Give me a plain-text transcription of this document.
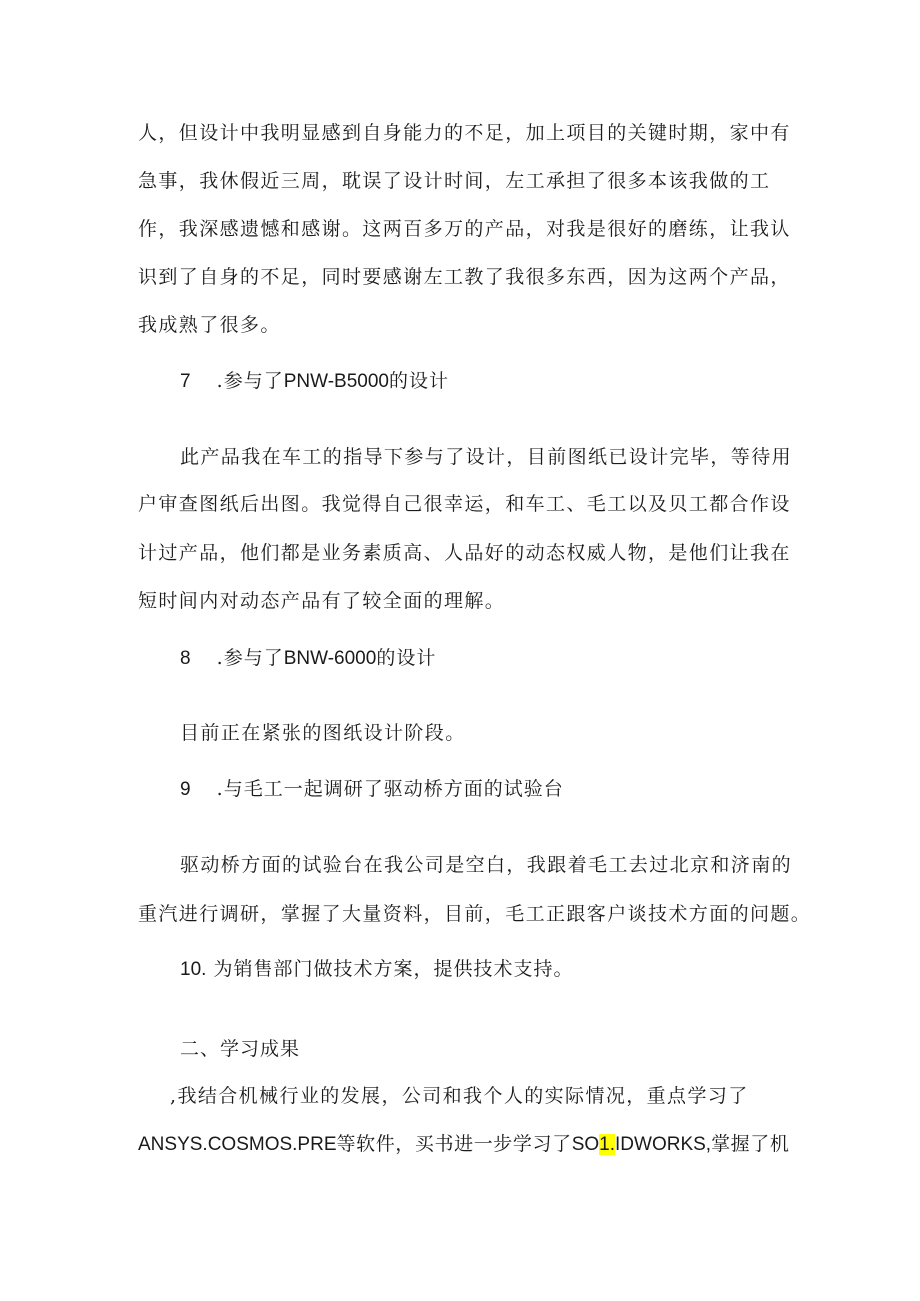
人，但设计中我明显感到自身能力的不足，加上项目的关键时期，家中有
急事，我休假近三周，耽误了设计时间，左工承担了很多本该我做的工
作，我深感遗憾和感谢。这两百多万的产品，对我是很好的磨练，让我认
识到了自身的不足，同时要感谢左工教了我很多东西，因为这两个产品，
我成熟了很多。
7 .参与了PNW-B5000的设计
此产品我在车工的指导下参与了设计，目前图纸已设计完毕，等待用
户审查图纸后出图。我觉得自己很幸运，和车工、毛工以及贝工都合作设
计过产品，他们都是业务素质高、人品好的动态权威人物，是他们让我在
短时间内对动态产品有了较全面的理解。
8 .参与了BNW-6000的设计
目前正在紧张的图纸设计阶段。
9 .与毛工一起调研了驱动桥方面的试验台
驱动桥方面的试验台在我公司是空白，我跟着毛工去过北京和济南的
重汽进行调研，掌握了大量资料，目前，毛工正跟客户谈技术方面的问题。
10. 为销售部门做技术方案，提供技术支持。
二、学习成果
,我结合机械行业的发展，公司和我个人的实际情况，重点学习了
ANSYS.COSMOS.PRE等软件，买书进一步学习了SO1.IDWORKS,掌握了机
